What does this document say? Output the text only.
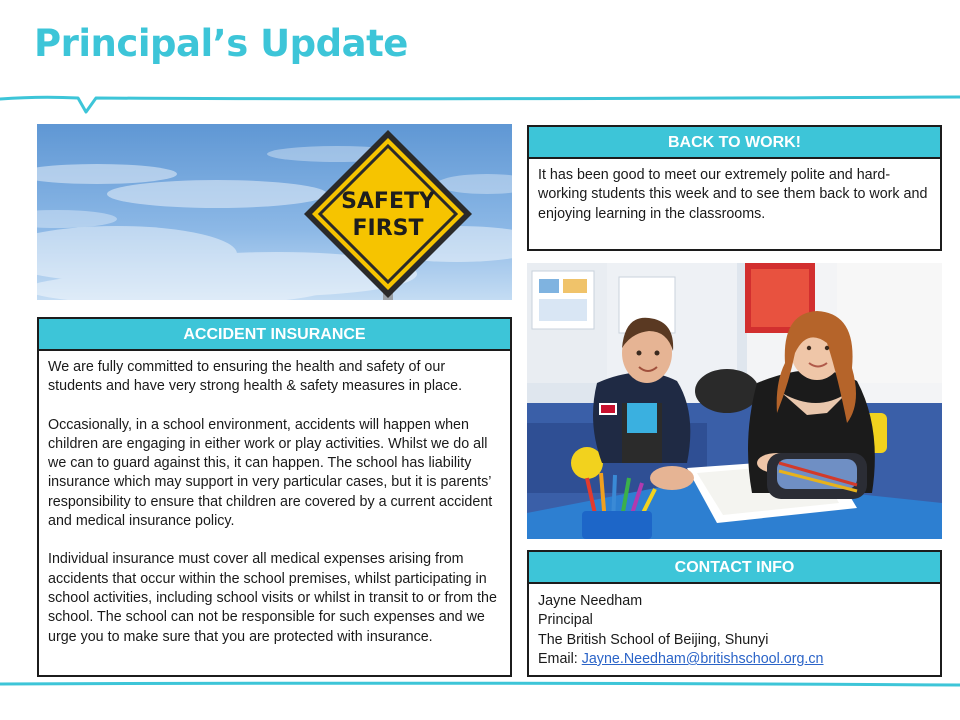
Principal’s Update
SAFETY
FIRST
ACCIDENT INSURANCE

We are fully committed to ensuring the health and safety of our students and have very strong health & safety measures in place.

Occasionally, in a school environment, accidents will happen when children are engaging in either work or play activities. Whilst we do all we can to guard against this, it can happen. The school has liability insurance which may support in very particular cases, but it is parents’ responsibility to ensure that children are covered by a current accident and medical insurance policy.

Individual insurance must cover all medical expenses arising from accidents that occur within the school premises, whilst participating in school activities, including school visits or whilst in transit to or from the school. The school can not be responsible for such expenses and we urge you to make sure that you are protected with insurance.

BACK TO WORK!

It has been good to meet our extremely polite and hard-working students this week and to see them back to work and enjoying learning in the classrooms.

CONTACT INFO
Jayne Needham
Principal
The British School of Beijing, Shunyi
Email: Jayne.Needham@britishschool.org.cn
